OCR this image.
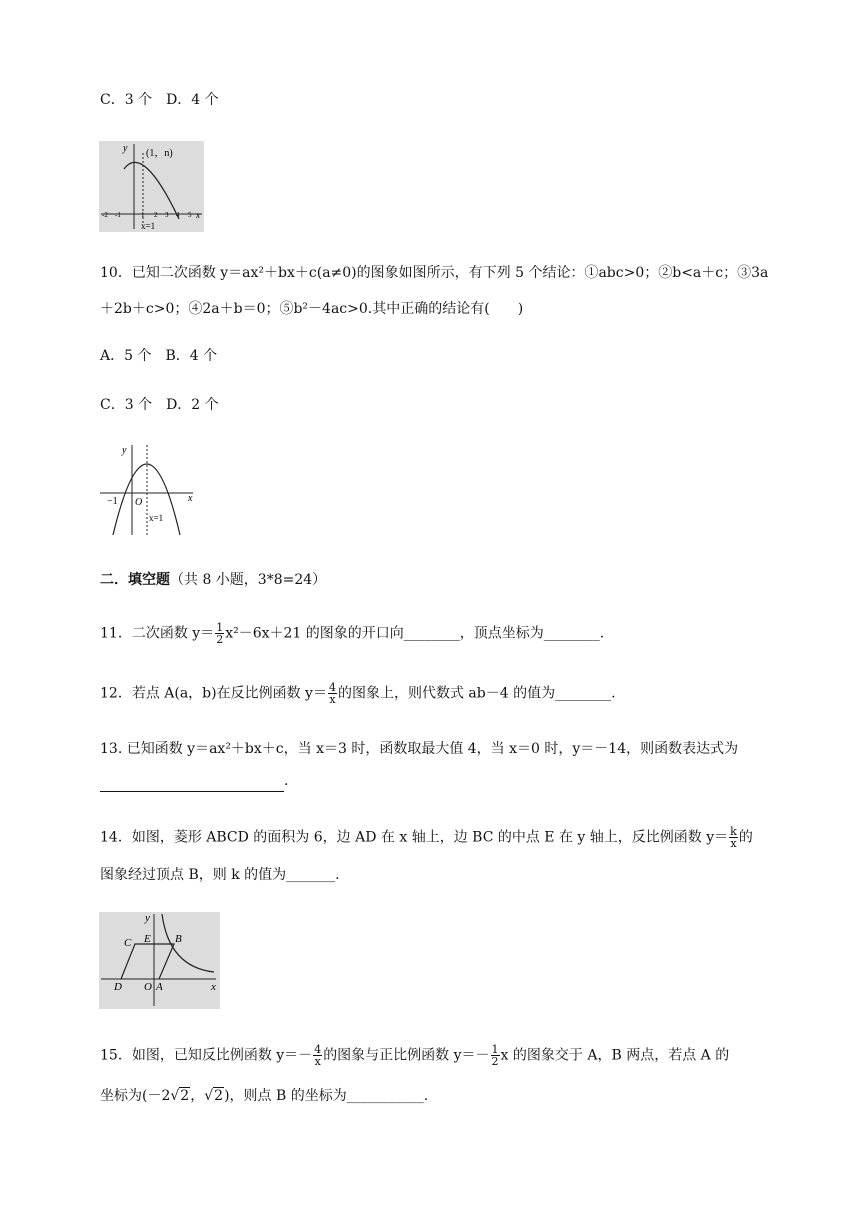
C．3 个　D．4 个
y
x
(1，n)
-2 -1	1 2 3 4 5
x=1
10．已知二次函数 y＝ax²＋bx＋c(a≠0)的图象如图所示，有下列 5 个结论：①abc>0；②b<a＋c；③3a
＋2b＋c>0；④2a＋b＝0；⑤b²－4ac>0.其中正确的结论有(　　)
A．5 个　B．4 个
C．3 个　D．2 个
y
x
O
−1
x=1
二．填空题（共 8 小题，3*8=24）
11．二次函数 $y= \frac{1}{2} x^2-6x+21$ 的图象的开口向________，顶点坐标为________.
12．若点 A(a，b)在反比例函数 $y= \frac{4}{x}$ 的图象上，则代数式 ab－4 的值为________.
13. 已知函数 y＝ax²＋bx＋c，当 x＝3 时，函数取最大值 4，当 x＝0 时，y＝－14，则函数表达式为
.
14．如图，菱形 ABCD 的面积为 6，边 AD 在 x 轴上，边 BC 的中点 E 在 y 轴上，反比例函数 $y= \frac{k}{x}$ 的
图象经过顶点 B，则 k 的值为_______.
y
x
C E B
D O A
15．如图，已知反比例函数 $y=- \frac{4}{x}$ 的图象与正比例函数 $y=- \frac{1}{2}$ x 的图象交于 A，B 两点，若点 A 的
坐标为(－2√2，√2)，则点 B 的坐标为___________.
